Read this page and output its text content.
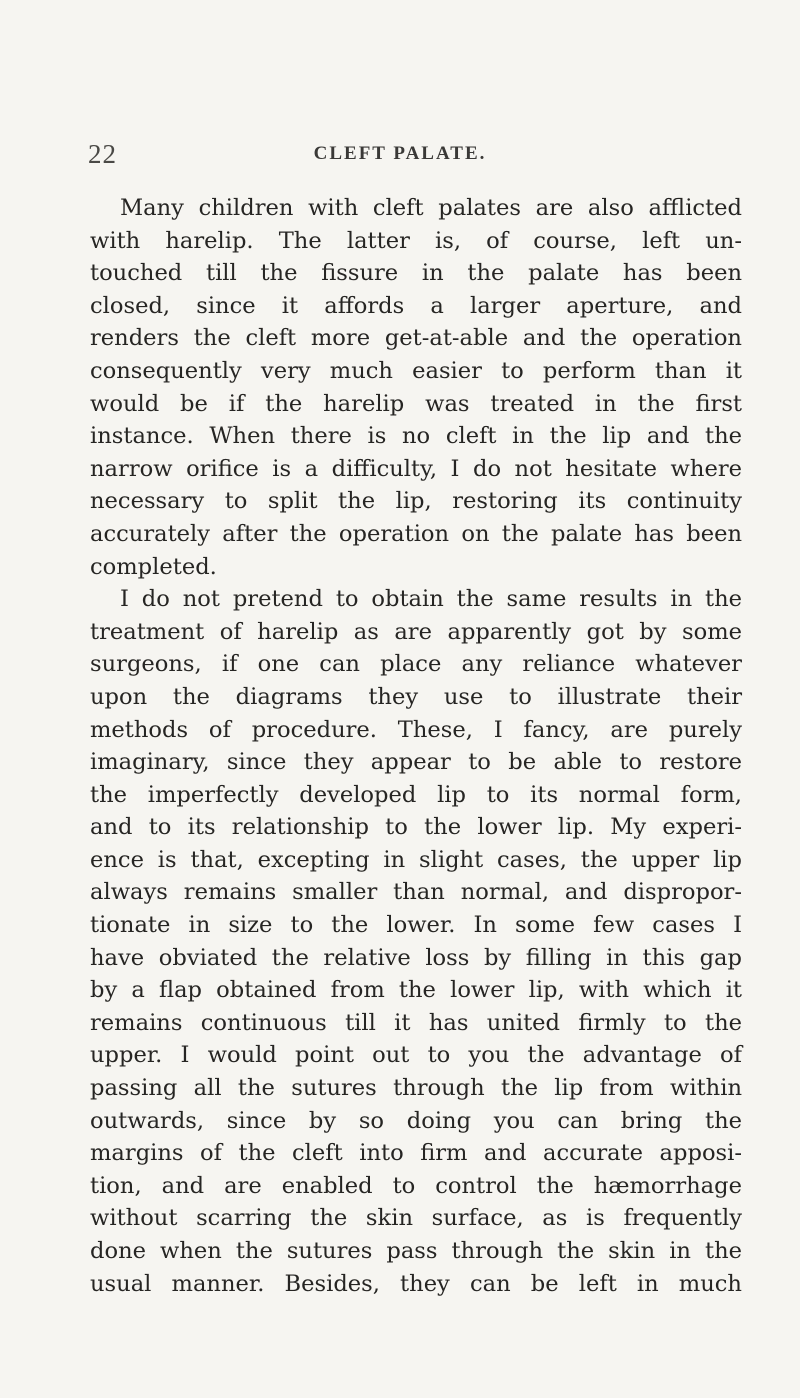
22	CLEFT PALATE.
Many children with cleft palates are also afflicted
with harelip. The latter is, of course, left un-
touched till the fissure in the palate has been
closed, since it affords a larger aperture, and
renders the cleft more get-at-able and the operation
consequently very much easier to perform than it
would be if the harelip was treated in the first
instance. When there is no cleft in the lip and the
narrow orifice is a difficulty, I do not hesitate where
necessary to split the lip, restoring its continuity
accurately after the operation on the palate has been
completed.
I do not pretend to obtain the same results in the
treatment of harelip as are apparently got by some
surgeons, if one can place any reliance whatever
upon the diagrams they use to illustrate their
methods of procedure. These, I fancy, are purely
imaginary, since they appear to be able to restore
the imperfectly developed lip to its normal form,
and to its relationship to the lower lip. My experi-
ence is that, excepting in slight cases, the upper lip
always remains smaller than normal, and dispropor-
tionate in size to the lower. In some few cases I
have obviated the relative loss by filling in this gap
by a flap obtained from the lower lip, with which it
remains continuous till it has united firmly to the
upper. I would point out to you the advantage of
passing all the sutures through the lip from within
outwards, since by so doing you can bring the
margins of the cleft into firm and accurate apposi-
tion, and are enabled to control the hæmorrhage
without scarring the skin surface, as is frequently
done when the sutures pass through the skin in the
usual manner. Besides, they can be left in much
